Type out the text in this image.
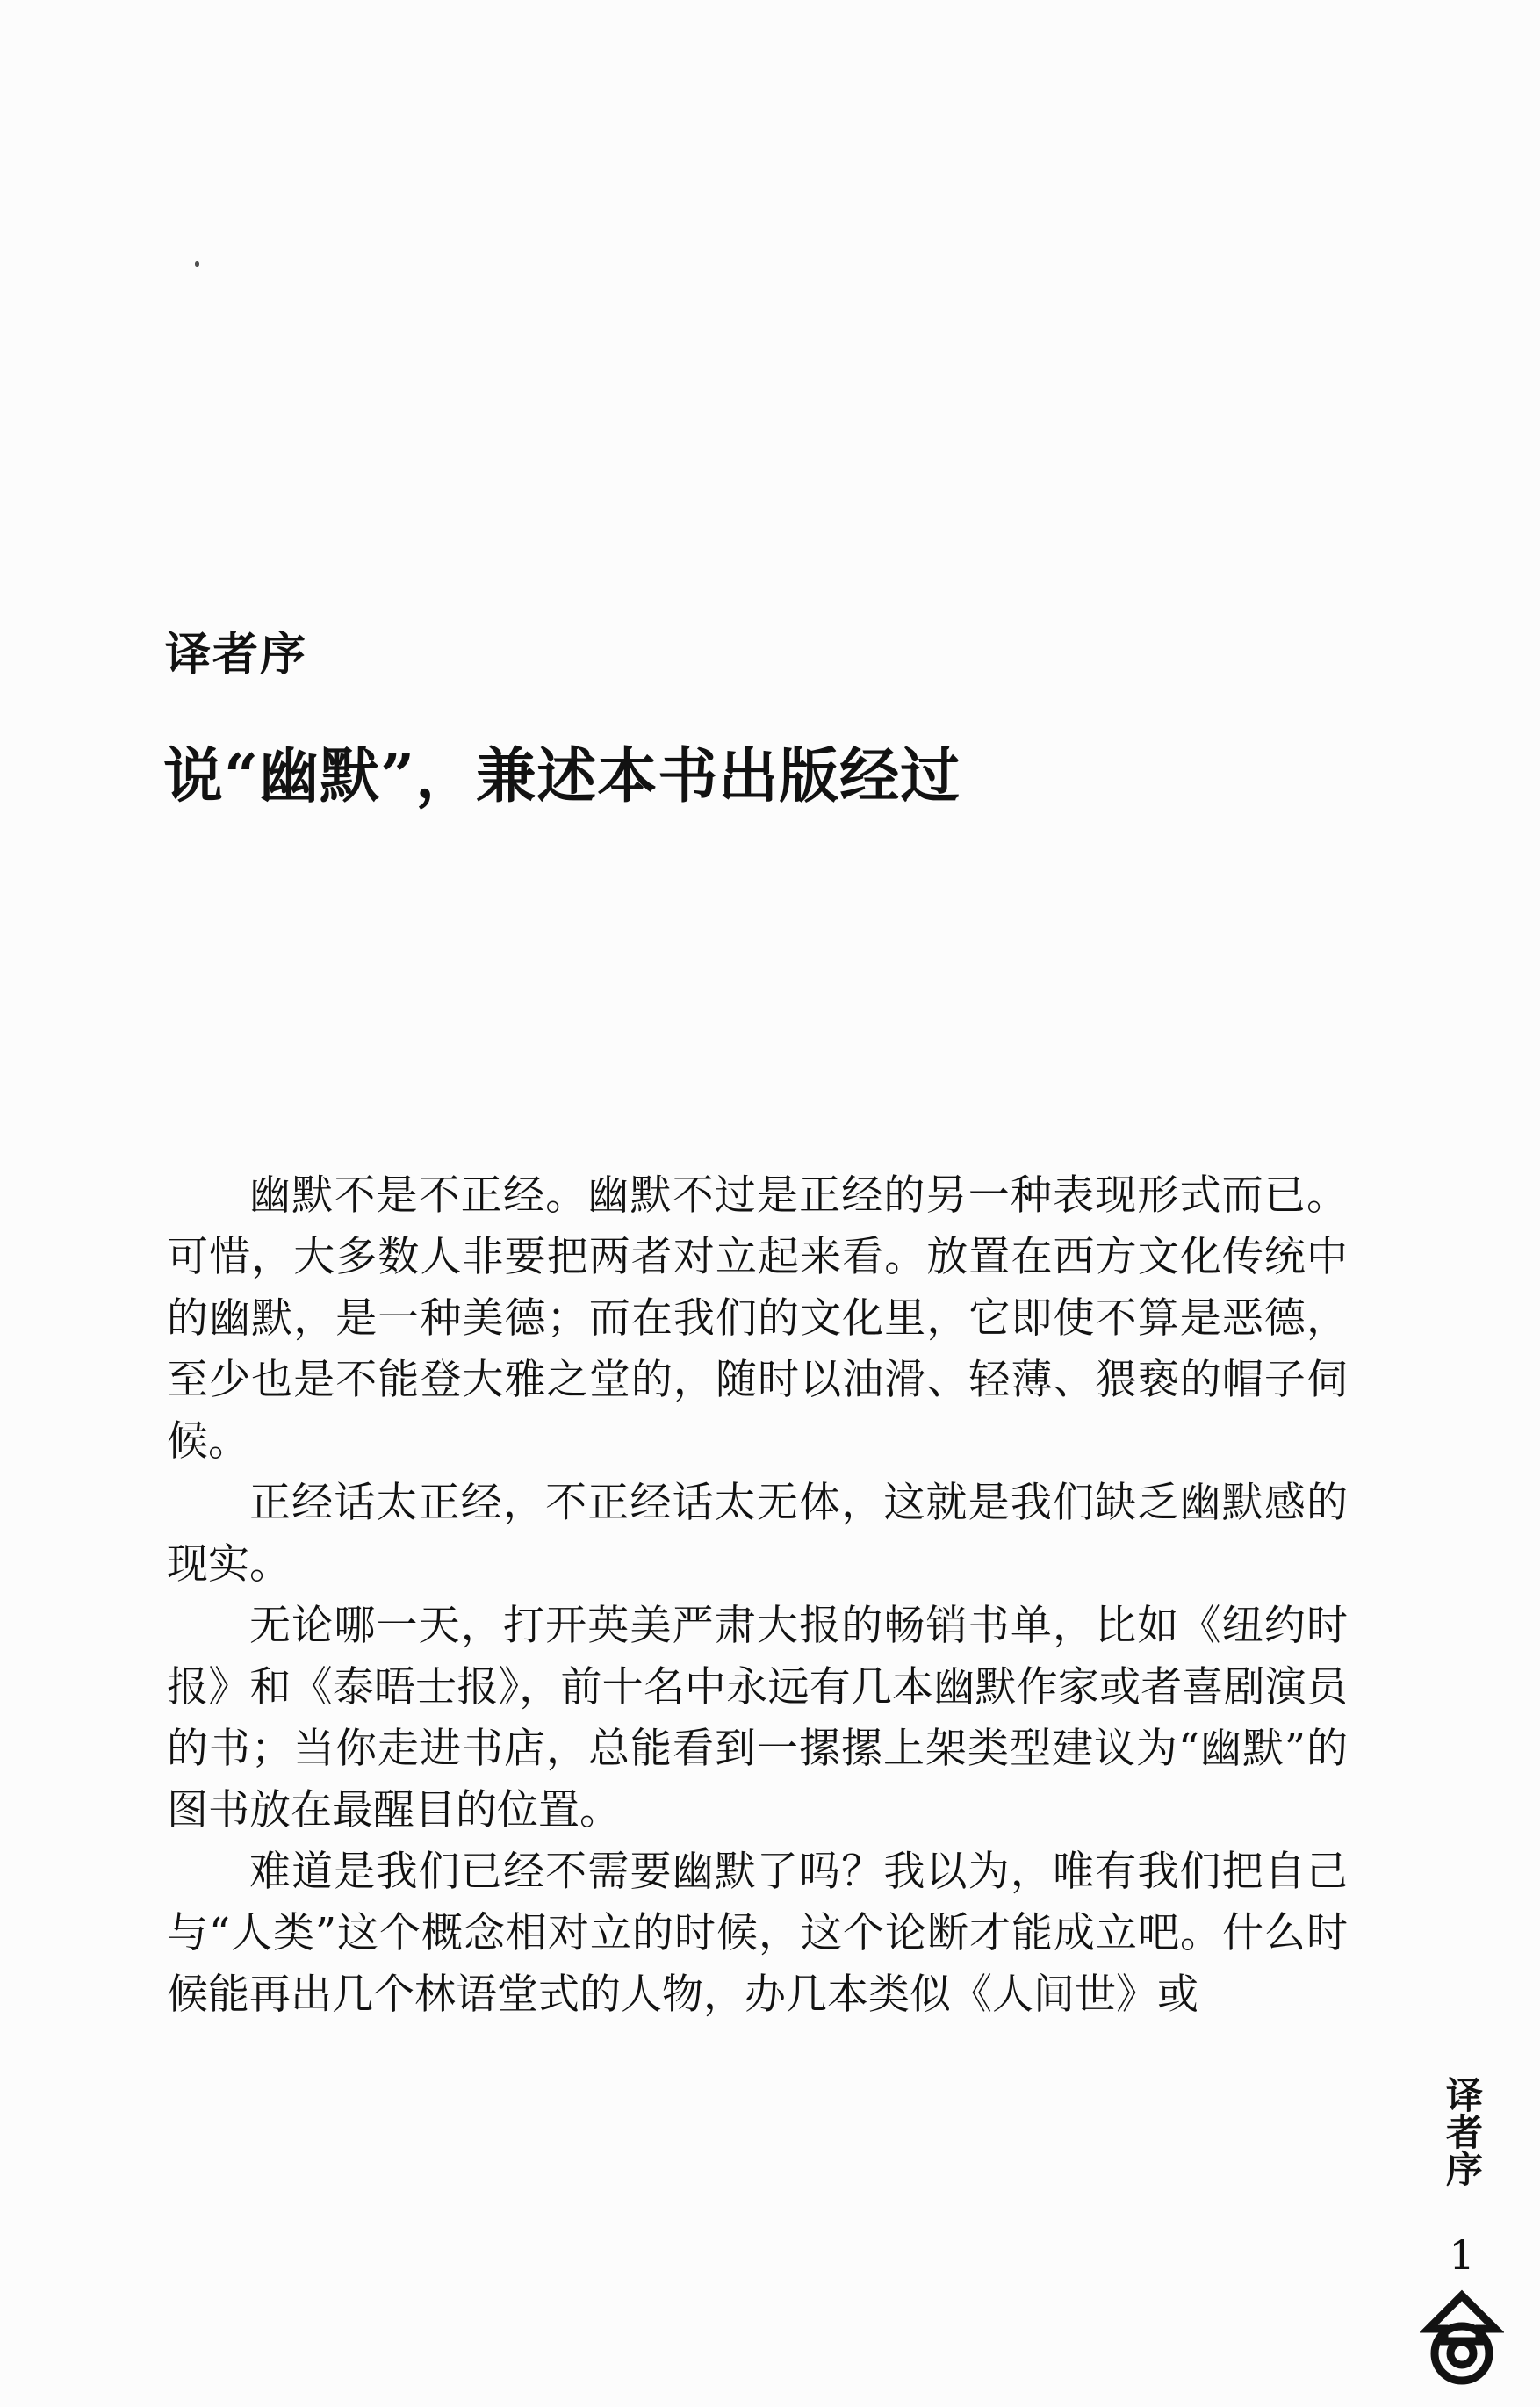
译者序
说“幽默”，兼述本书出版经过

幽默不是不正经。幽默不过是正经的另一种表现形式而已。可惜，大多数人非要把两者对立起来看。放置在西方文化传统中的幽默，是一种美德；而在我们的文化里，它即使不算是恶德，至少也是不能登大雅之堂的，随时以油滑、轻薄、猥亵的帽子伺候。

正经话太正经，不正经话太无体，这就是我们缺乏幽默感的现实。

无论哪一天，打开英美严肃大报的畅销书单，比如《纽约时报》和《泰晤士报》，前十名中永远有几本幽默作家或者喜剧演员的书；当你走进书店，总能看到一摞摞上架类型建议为“幽默”的图书放在最醒目的位置。

难道是我们已经不需要幽默了吗？我以为，唯有我们把自己与“人类”这个概念相对立的时候，这个论断才能成立吧。什么时候能再出几个林语堂式的人物，办几本类似《人间世》或

译者序
1
